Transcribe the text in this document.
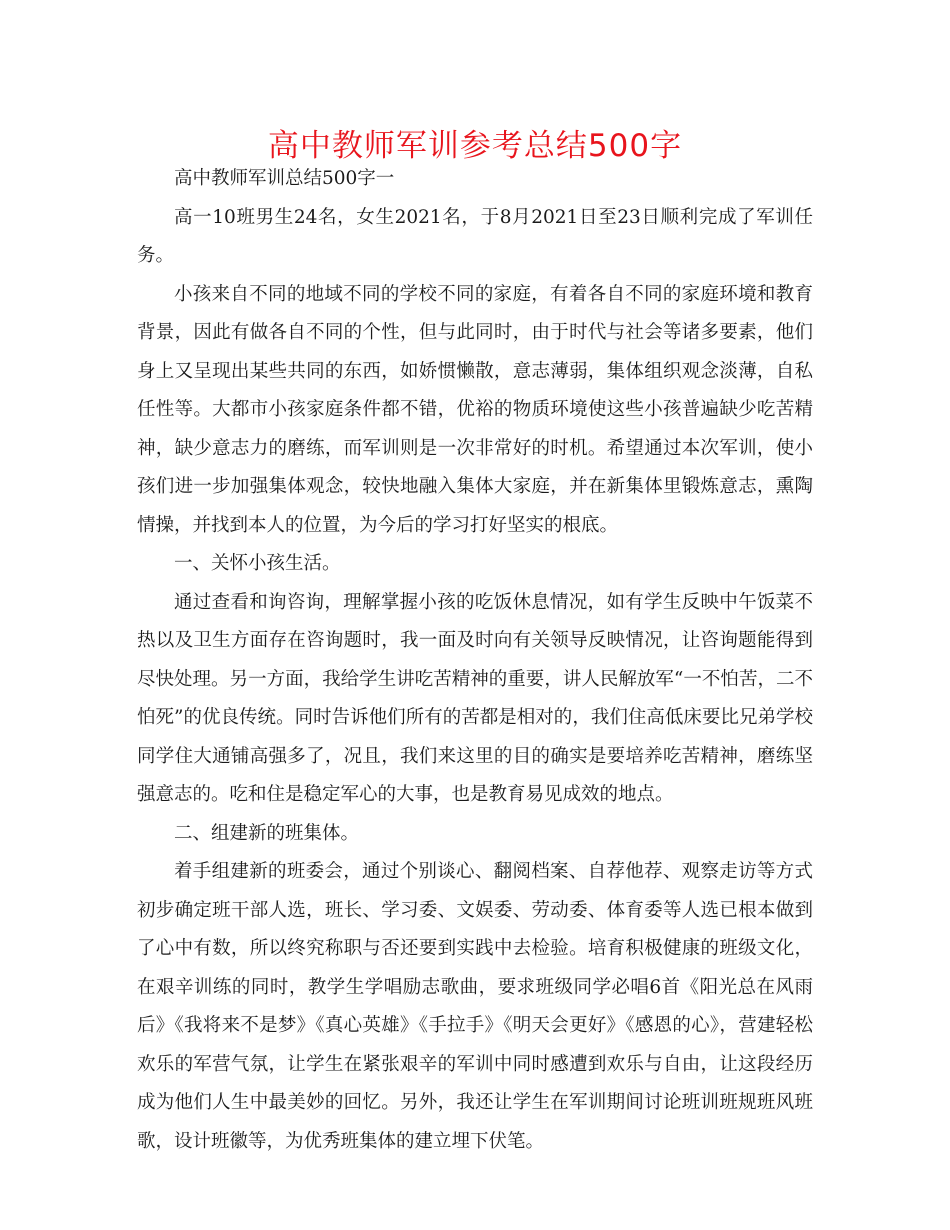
高中教师军训参考总结500字

高中教师军训总结500字一

高一10班男生24名，女生2021名，于8月2021日至23日顺利完成了军训任务。

小孩来自不同的地域不同的学校不同的家庭，有着各自不同的家庭环境和教育背景，因此有做各自不同的个性，但与此同时，由于时代与社会等诸多要素，他们身上又呈现出某些共同的东西，如娇惯懒散，意志薄弱，集体组织观念淡薄，自私任性等。大都市小孩家庭条件都不错，优裕的物质环境使这些小孩普遍缺少吃苦精神，缺少意志力的磨练，而军训则是一次非常好的时机。希望通过本次军训，使小孩们进一步加强集体观念，较快地融入集体大家庭，并在新集体里锻炼意志，熏陶情操，并找到本人的位置，为今后的学习打好坚实的根底。

一、关怀小孩生活。

通过查看和询咨询，理解掌握小孩的吃饭休息情况，如有学生反映中午饭菜不热以及卫生方面存在咨询题时，我一面及时向有关领导反映情况，让咨询题能得到尽快处理。另一方面，我给学生讲吃苦精神的重要，讲人民解放军“一不怕苦，二不怕死”的优良传统。同时告诉他们所有的苦都是相对的，我们住高低床要比兄弟学校同学住大通铺高强多了，况且，我们来这里的目的确实是要培养吃苦精神，磨练坚强意志的。吃和住是稳定军心的大事，也是教育易见成效的地点。

二、组建新的班集体。

着手组建新的班委会，通过个别谈心、翻阅档案、自荐他荐、观察走访等方式初步确定班干部人选，班长、学习委、文娱委、劳动委、体育委等人选已根本做到了心中有数，所以终究称职与否还要到实践中去检验。培育积极健康的班级文化，在艰辛训练的同时，教学生学唱励志歌曲，要求班级同学必唱6首《阳光总在风雨后》《我将来不是梦》《真心英雄》《手拉手》《明天会更好》《感恩的心》，营建轻松欢乐的军营气氛，让学生在紧张艰辛的军训中同时感遭到欢乐与自由，让这段经历成为他们人生中最美妙的回忆。另外，我还让学生在军训期间讨论班训班规班风班歌，设计班徽等，为优秀班集体的建立埋下伏笔。
